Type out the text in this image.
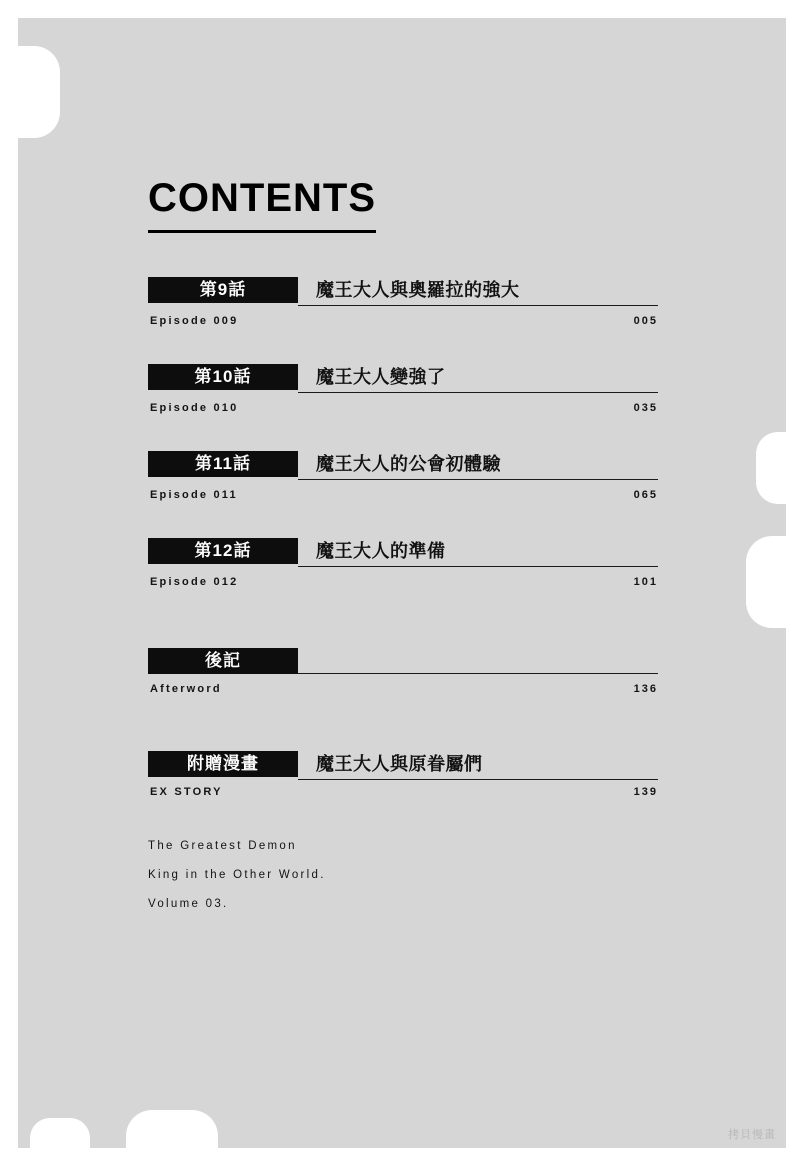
CONTENTS
第9話	魔王大人與奧羅拉的強大
Episode 009	005
第10話	魔王大人變強了
Episode 010	035
第11話	魔王大人的公會初體驗
Episode 011	065
第12話	魔王大人的準備
Episode 012	101
後記
Afterword	136
附贈漫畫	魔王大人與原眷屬們
EX STORY	139
The Greatest Demon
King in the Other World.
Volume 03.
拷貝慢畫
